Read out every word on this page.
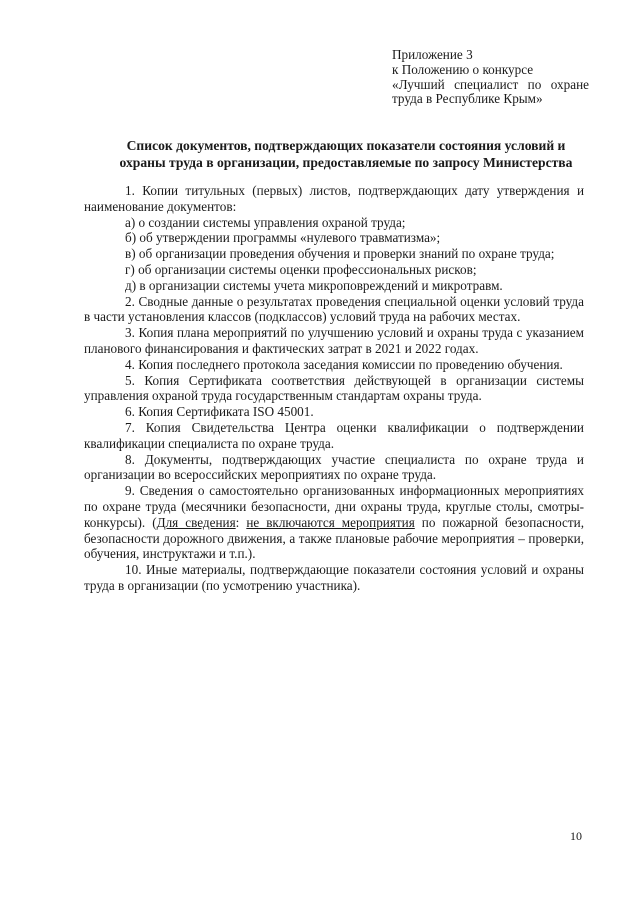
Приложение 3
к Положению о конкурсе
«Лучший специалист по охране
труда в Республике Крым»
Список документов, подтверждающих показатели состояния условий и
охраны труда в организации, предоставляемые по запросу Министерства
1. Копии титульных (первых) листов, подтверждающих дату утверждения и наименование документов:
а) о создании системы управления охраной труда;
б) об утверждении программы «нулевого травматизма»;
в) об организации проведения обучения и проверки знаний по охране труда;
г) об организации системы оценки профессиональных рисков;
д) в организации системы учета микроповреждений и микротравм.
2. Сводные данные о результатах проведения специальной оценки условий труда в части установления классов (подклассов) условий труда на рабочих местах.
3. Копия плана мероприятий по улучшению условий и охраны труда с указанием планового финансирования и фактических затрат в 2021 и 2022 годах.
4. Копия последнего протокола заседания комиссии по проведению обучения.
5. Копия Сертификата соответствия действующей в организации системы управления охраной труда государственным стандартам охраны труда.
6. Копия Сертификата ISO 45001.
7. Копия Свидетельства Центра оценки квалификации о подтверждении квалификации специалиста по охране труда.
8. Документы, подтверждающих участие специалиста по охране труда и организации во всероссийских мероприятиях по охране труда.
9. Сведения о самостоятельно организованных информационных мероприятиях по охране труда (месячники безопасности, дни охраны труда, круглые столы, смотры-конкурсы). (Для сведения: не включаются мероприятия по пожарной безопасности, безопасности дорожного движения, а также плановые рабочие мероприятия – проверки, обучения, инструктажи и т.п.).
10. Иные материалы, подтверждающие показатели состояния условий и охраны труда в организации (по усмотрению участника).
10
